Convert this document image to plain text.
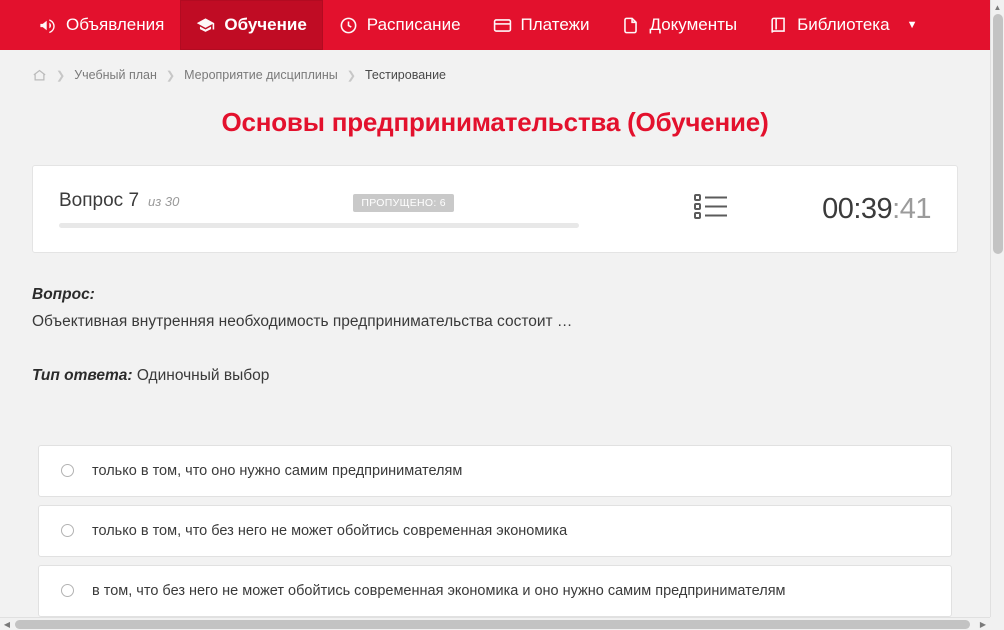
Объявления	Обучение	Расписание	Платежи	Документы	Библиотека ▼
❯ Учебный план ❯ Мероприятие дисциплины ❯ Тестирование
Основы предпринимательства (Обучение)
Вопрос 7 из 30	ПРОПУЩЕНО: 6	00:39:41
Вопрос:
Объективная внутренняя необходимость предпринимательства состоит …
Тип ответа: Одиночный выбор
только в том, что оно нужно самим предпринимателям
только в том, что без него не может обойтись современная экономика
в том, что без него не может обойтись современная экономика и оно нужно самим предпринимателям
▲
◀	▶
